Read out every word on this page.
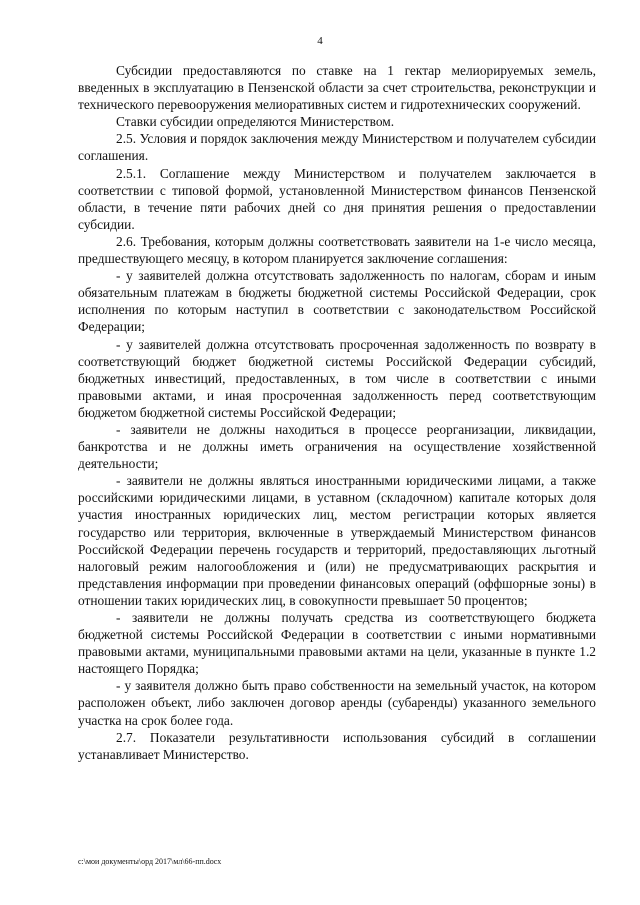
4

Субсидии предоставляются по ставке на 1 гектар мелиорируемых земель, введенных в эксплуатацию в Пензенской области за счет строительства, реконструкции и технического перевооружения мелиоративных систем и гидротехнических сооружений.

Ставки субсидии определяются Министерством.

2.5. Условия и порядок заключения между Министерством и получателем субсидии соглашения.

2.5.1. Соглашение между Министерством и получателем заключается в соответствии с типовой формой, установленной Министерством финансов Пензенской области, в течение пяти рабочих дней со дня принятия решения о предоставлении субсидии.

2.6. Требования, которым должны соответствовать заявители на 1-е число месяца, предшествующего месяцу, в котором планируется заключение соглашения:

- у заявителей должна отсутствовать задолженность по налогам, сборам и иным обязательным платежам в бюджеты бюджетной системы Российской Федерации, срок исполнения по которым наступил в соответствии с законодательством Российской Федерации;

- у заявителей должна отсутствовать просроченная задолженность по возврату в соответствующий бюджет бюджетной системы Российской Федерации субсидий, бюджетных инвестиций, предоставленных, в том числе в соответствии с иными правовыми актами, и иная просроченная задолженность перед соответствующим бюджетом бюджетной системы Российской Федерации;

- заявители не должны находиться в процессе реорганизации, ликвидации, банкротства и не должны иметь ограничения на осуществление хозяйственной деятельности;

- заявители не должны являться иностранными юридическими лицами, а также российскими юридическими лицами, в уставном (складочном) капитале которых доля участия иностранных юридических лиц, местом регистрации которых является государство или территория, включенные в утверждаемый Министерством финансов Российской Федерации перечень государств и территорий, предоставляющих льготный налоговый режим налогообложения и (или) не предусматривающих раскрытия и представления информации при проведении финансовых операций (оффшорные зоны) в отношении таких юридических лиц, в совокупности превышает 50 процентов;

- заявители не должны получать средства из соответствующего бюджета бюджетной системы Российской Федерации в соответствии с иными нормативными правовыми актами, муниципальными правовыми актами на цели, указанные в пункте 1.2 настоящего Порядка;

- у заявителя должно быть право собственности на земельный участок, на котором расположен объект, либо заключен договор аренды (субаренды) указанного земельного участка на срок более года.

2.7. Показатели результативности использования субсидий в соглашении устанавливает Министерство.

c:\мои документы\орд 2017\мл\66-пп.docx
